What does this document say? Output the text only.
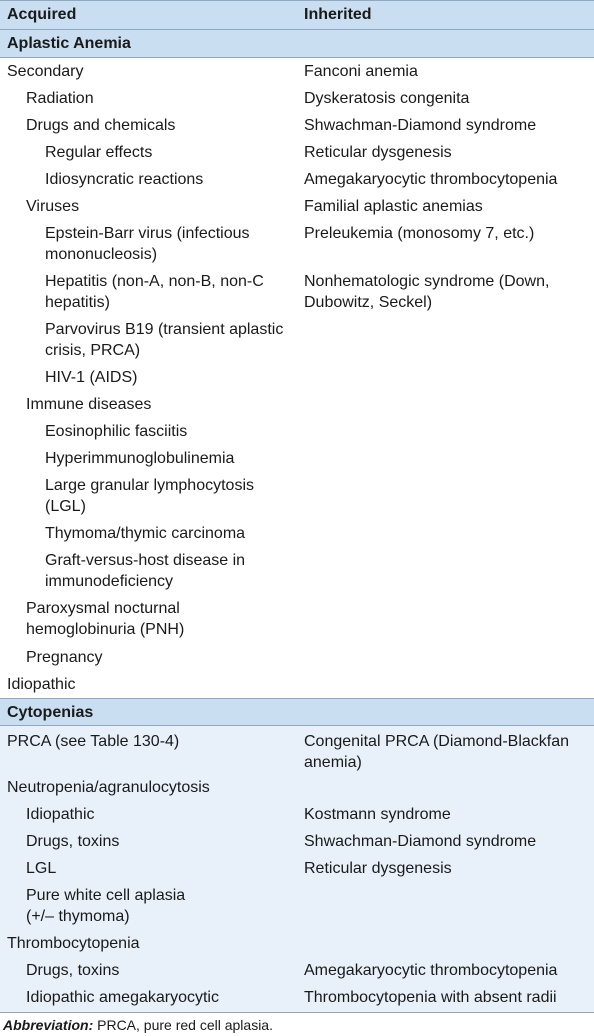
Acquired	Inherited
Aplastic Anemia
Secondary
Radiation
Drugs and chemicals
Regular effects
Idiosyncratic reactions
Viruses
Epstein-Barr virus (infectious
mononucleosis)
Hepatitis (non-A, non-B, non-C
hepatitis)
Parvovirus B19 (transient aplastic
crisis, PRCA)
HIV-1 (AIDS)
Immune diseases
Eosinophilic fasciitis
Hyperimmunoglobulinemia
Large granular lymphocytosis
(LGL)
Thymoma/thymic carcinoma
Graft-versus-host disease in
immunodeficiency
Paroxysmal nocturnal
hemoglobinuria (PNH)
Pregnancy
Idiopathic
Fanconi anemia
Dyskeratosis congenita
Shwachman-Diamond syndrome
Reticular dysgenesis
Amegakaryocytic thrombocytopenia
Familial aplastic anemias
Preleukemia (monosomy 7, etc.)
Nonhematologic syndrome (Down,
Dubowitz, Seckel)
Cytopenias
PRCA (see Table 130-4)
Neutropenia/agranulocytosis
Idiopathic
Drugs, toxins
LGL
Pure white cell aplasia
(+/– thymoma)
Thrombocytopenia
Drugs, toxins
Idiopathic amegakaryocytic
Congenital PRCA (Diamond-Blackfan
anemia)
Kostmann syndrome
Shwachman-Diamond syndrome
Reticular dysgenesis
Amegakaryocytic thrombocytopenia
Thrombocytopenia with absent radii
Abbreviation: PRCA, pure red cell aplasia.
